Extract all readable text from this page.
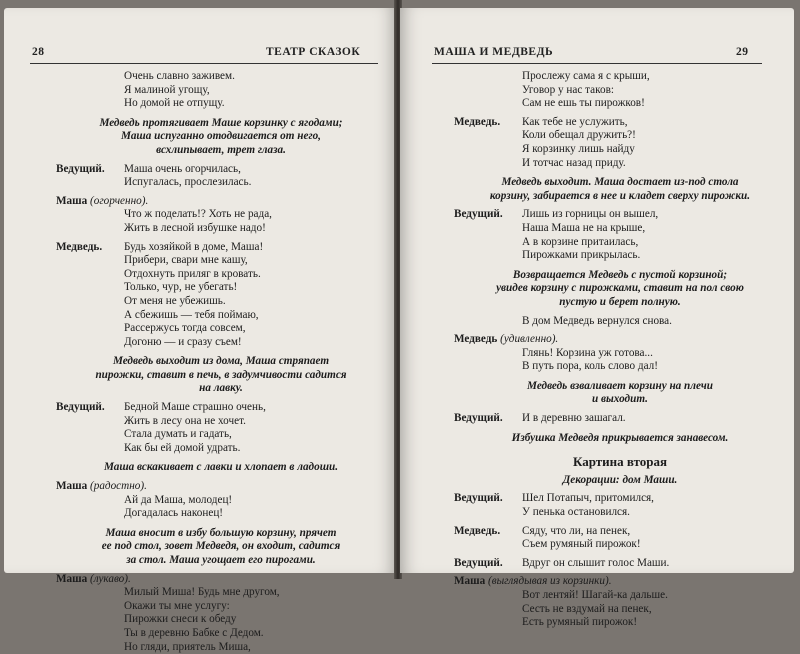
28	ТЕАТР СКАЗОК
Очень славно заживем.
Я малиной угощу,
Но домой не отпущу.
Медведь протягивает Маше корзинку с ягодами;
Маша испуганно отодвигается от него,
всхлипывает, трет глаза.
Ведущий.	Маша очень огорчилась,
Испугалась, прослезилась.
Маша (огорченно).
Что ж поделать!? Хоть не рада,
Жить в лесной избушке надо!
Медведь.	Будь хозяйкой в доме, Маша!
Прибери, свари мне кашу,
Отдохнуть приляг в кровать.
Только, чур, не убегать!
От меня не убежишь.
А сбежишь — тебя поймаю,
Рассержусь тогда совсем,
Догоню — и сразу съем!
Медведь выходит из дома, Маша стряпает
пирожки, ставит в печь, в задумчивости садится
на лавку.
Ведущий.	Бедной Маше страшно очень,
Жить в лесу она не хочет.
Стала думать и гадать,
Как бы ей домой удрать.
Маша вскакивает с лавки и хлопает в ладоши.
Маша (радостно).
Ай да Маша, молодец!
Догадалась наконец!
Маша вносит в избу большую корзину, прячет
ее под стол, зовет Медведя, он входит, садится
за стол. Маша угощает его пирогами.
Маша (лукаво).
Милый Миша! Будь мне другом,
Окажи ты мне услугу:
Пирожки снеси к обеду
Ты в деревню Бабке с Дедом.
Но гляди, приятель Миша,
МАША И МЕДВЕДЬ	29
Прослежу сама я с крыши,
Уговор у нас таков:
Сам не ешь ты пирожков!
Медведь.	Как тебе не услужить,
Коли обещал дружить?!
Я корзинку лишь найду
И тотчас назад приду.
Медведь выходит. Маша достает из-под стола
корзину, забирается в нее и кладет сверху пирожки.
Ведущий.	Лишь из горницы он вышел,
Наша Маша не на крыше,
А в корзине притаилась,
Пирожками прикрылась.
Возвращается Медведь с пустой корзиной;
увидев корзину с пирожками, ставит на пол свою
пустую и берет полную.
В дом Медведь вернулся снова.
Медведь (удивленно).
Глянь! Корзина уж готова...
В путь пора, коль слово дал!
Медведь взваливает корзину на плечи
и выходит.
Ведущий.	И в деревню зашагал.
Избушка Медведя прикрывается занавесом.
Картина вторая
Декорации: дом Маши.
Ведущий.	Шел Потапыч, притомился,
У пенька остановился.
Медведь.	Сяду, что ли, на пенек,
Съем румяный пирожок!
Ведущий.	Вдруг он слышит голос Маши.
Маша (выглядывая из корзинки).
Вот лентяй! Шагай-ка дальше.
Сесть не вздумай на пенек,
Есть румяный пирожок!
